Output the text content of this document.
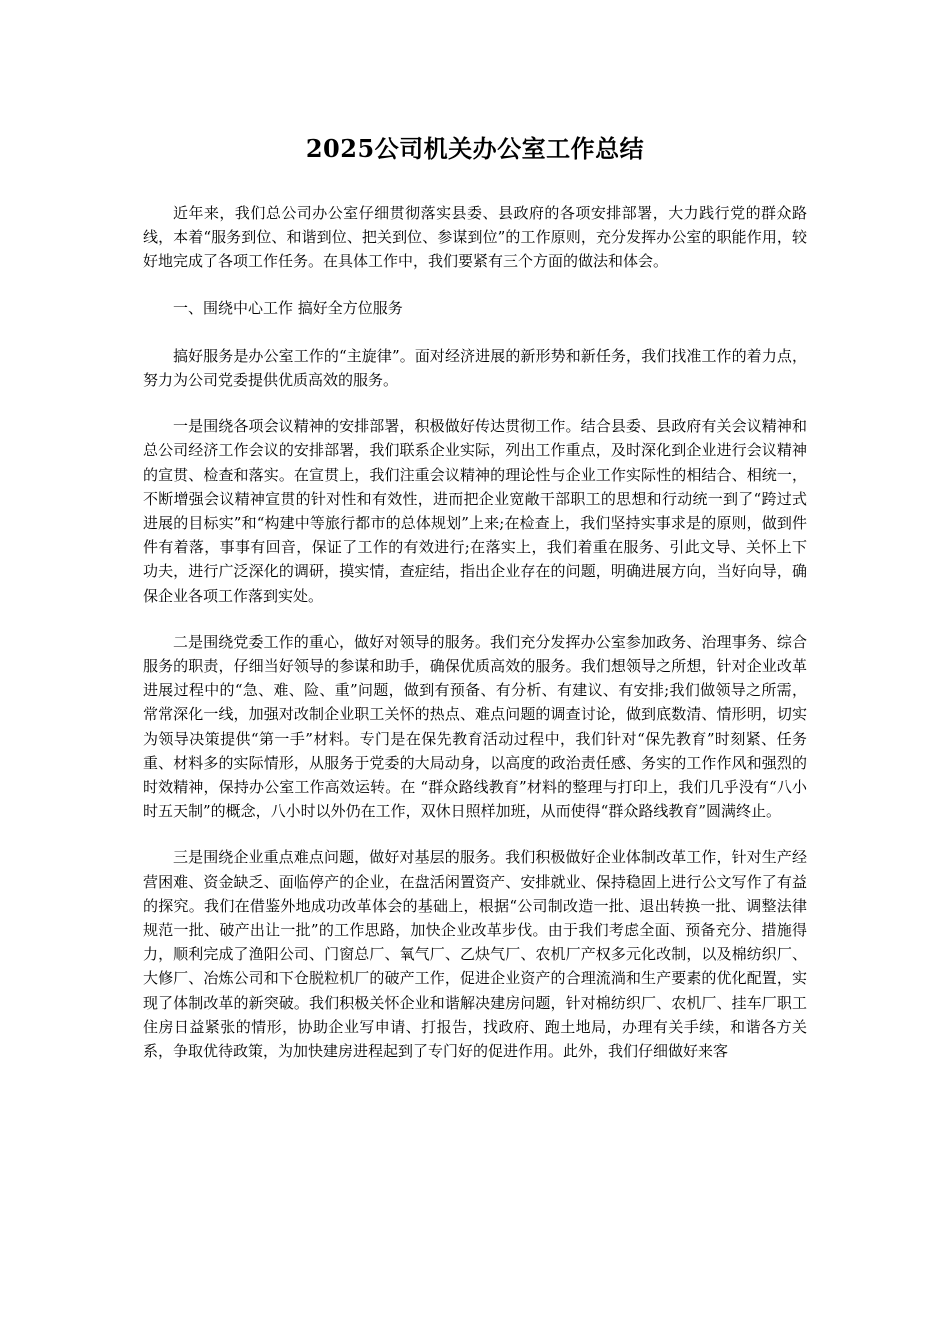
2025公司机关办公室工作总结

近年来，我们总公司办公室仔细贯彻落实县委、县政府的各项安排部署，大力践行党的群众路线，本着“服务到位、和谐到位、把关到位、参谋到位”的工作原则，充分发挥办公室的职能作用，较好地完成了各项工作任务。在具体工作中，我们要紧有三个方面的做法和体会。

一、围绕中心工作 搞好全方位服务

搞好服务是办公室工作的“主旋律”。面对经济进展的新形势和新任务，我们找准工作的着力点，努力为公司党委提供优质高效的服务。

一是围绕各项会议精神的安排部署，积极做好传达贯彻工作。结合县委、县政府有关会议精神和总公司经济工作会议的安排部署，我们联系企业实际，列出工作重点，及时深化到企业进行会议精神的宣贯、检查和落实。在宣贯上，我们注重会议精神的理论性与企业工作实际性的相结合、相统一，不断增强会议精神宣贯的针对性和有效性，进而把企业宽敞干部职工的思想和行动统一到了“跨过式进展的目标实”和“构建中等旅行都市的总体规划”上来;在检查上，我们坚持实事求是的原则，做到件件有着落，事事有回音，保证了工作的有效进行;在落实上，我们着重在服务、引此文导、关怀上下功夫，进行广泛深化的调研，摸实情，查症结，指出企业存在的问题，明确进展方向，当好向导，确保企业各项工作落到实处。

二是围绕党委工作的重心，做好对领导的服务。我们充分发挥办公室参加政务、治理事务、综合服务的职责，仔细当好领导的参谋和助手，确保优质高效的服务。我们想领导之所想，针对企业改革进展过程中的“急、难、险、重”问题，做到有预备、有分析、有建议、有安排;我们做领导之所需，常常深化一线，加强对改制企业职工关怀的热点、难点问题的调查讨论，做到底数清、情形明，切实为领导决策提供“第一手”材料。专门是在保先教育活动过程中，我们针对“保先教育”时刻紧、任务重、材料多的实际情形，从服务于党委的大局动身，以高度的政治责任感、务实的工作作风和强烈的时效精神，保持办公室工作高效运转。在 “群众路线教育”材料的整理与打印上，我们几乎没有“八小时五天制”的概念，八小时以外仍在工作，双休日照样加班，从而使得“群众路线教育”圆满终止。

三是围绕企业重点难点问题，做好对基层的服务。我们积极做好企业体制改革工作，针对生产经营困难、资金缺乏、面临停产的企业，在盘活闲置资产、安排就业、保持稳固上进行公文写作了有益的探究。我们在借鉴外地成功改革体会的基础上，根据“公司制改造一批、退出转换一批、调整法律规范一批、破产出让一批”的工作思路，加快企业改革步伐。由于我们考虑全面、预备充分、措施得力，顺利完成了渔阳公司、门窗总厂、氧气厂、乙炔气厂、农机厂产权多元化改制，以及棉纺织厂、大修厂、冶炼公司和下仓脱粒机厂的破产工作，促进企业资产的合理流淌和生产要素的优化配置，实现了体制改革的新突破。我们积极关怀企业和谐解决建房问题，针对棉纺织厂、农机厂、挂车厂职工住房日益紧张的情形，协助企业写申请、打报告，找政府、跑土地局，办理有关手续，和谐各方关系，争取优待政策，为加快建房进程起到了专门好的促进作用。此外，我们仔细做好来客
